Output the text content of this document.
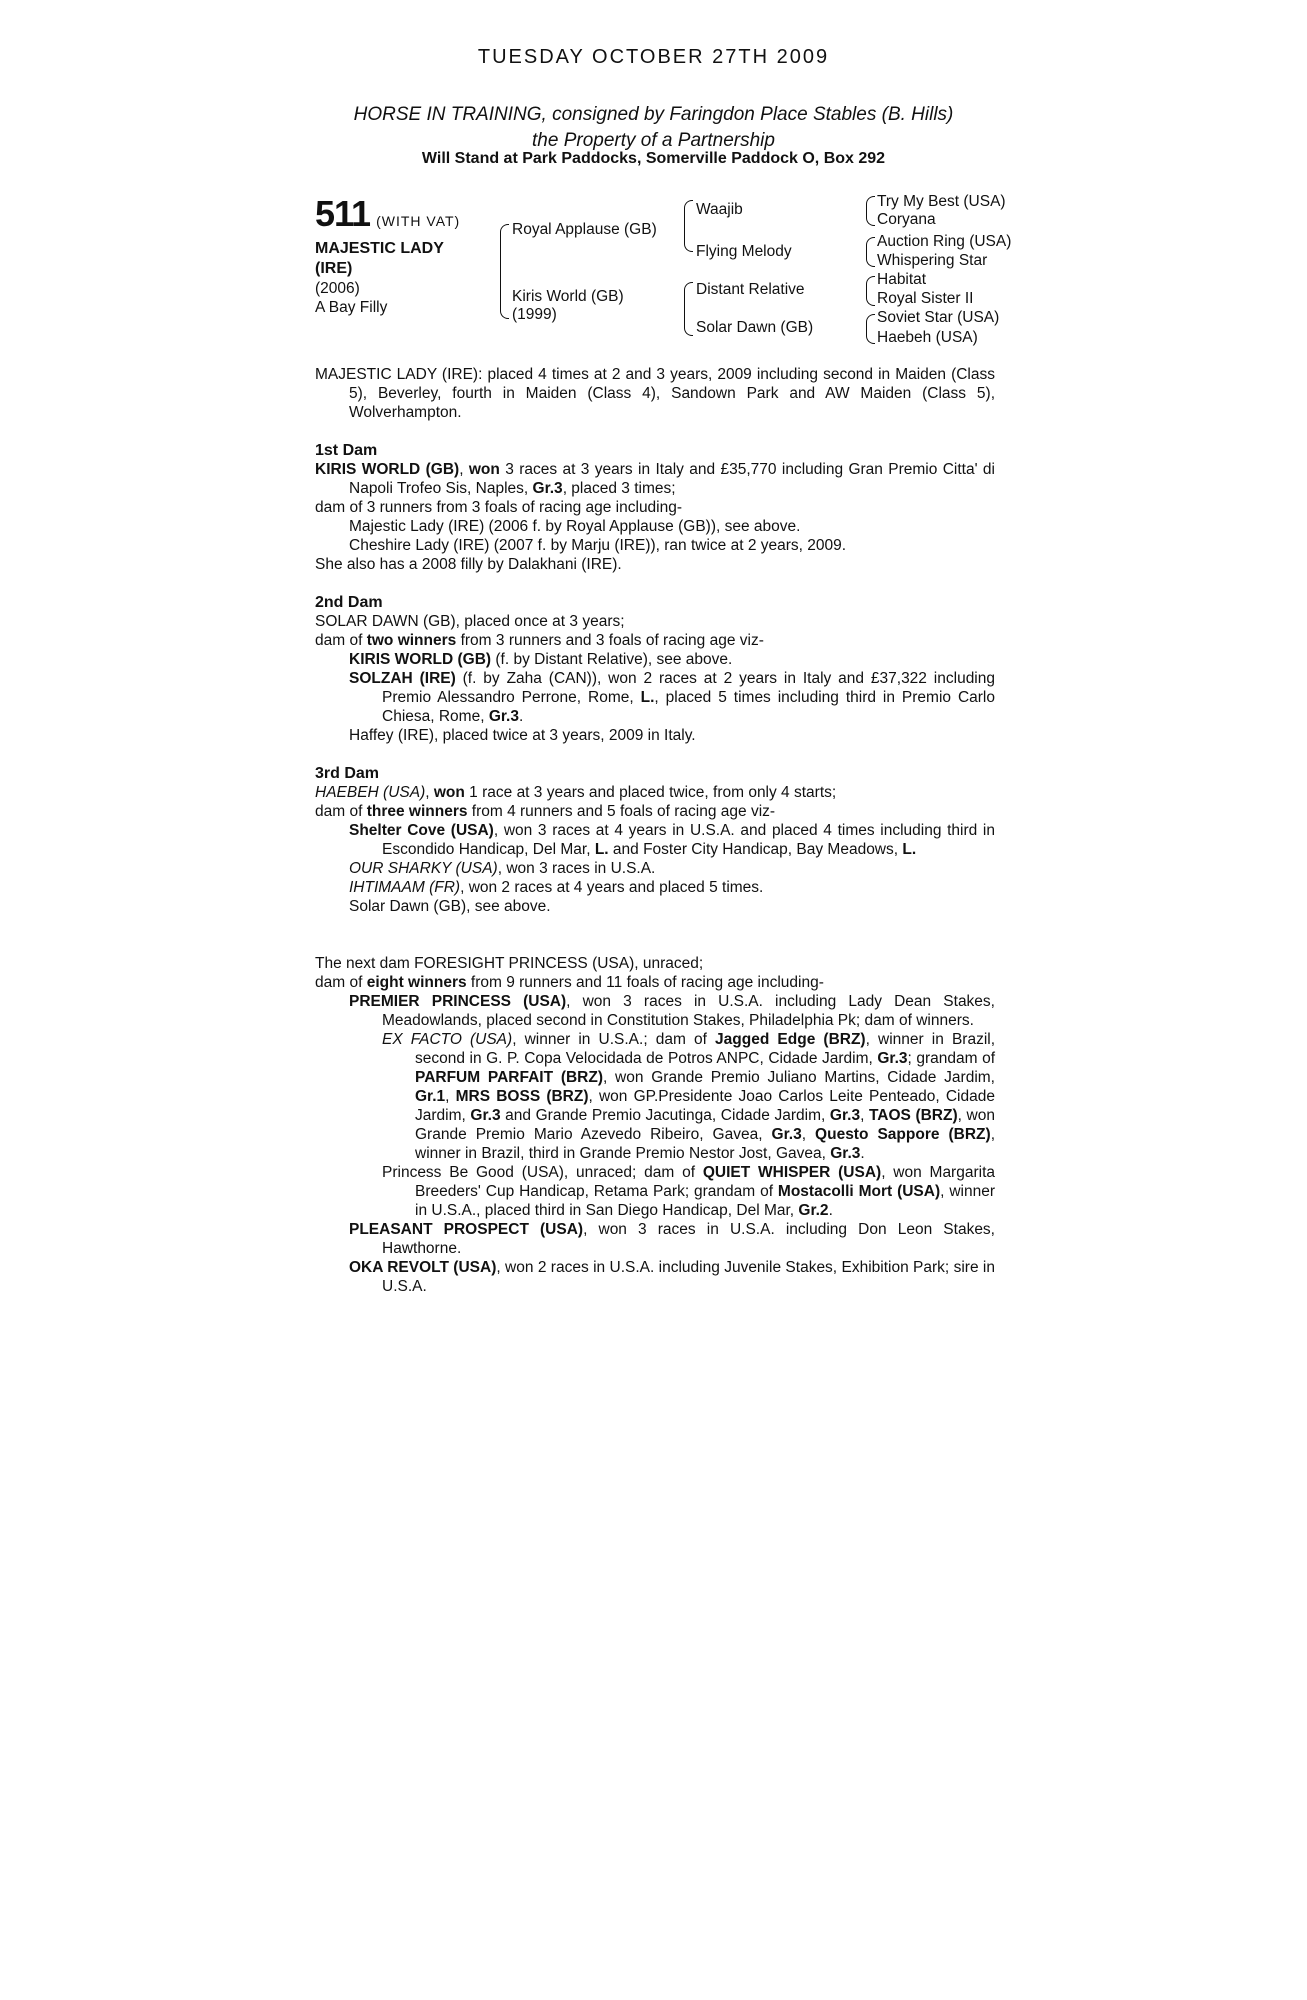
TUESDAY OCTOBER 27TH 2009
HORSE IN TRAINING, consigned by Faringdon Place Stables (B. Hills)
the Property of a Partnership
Will Stand at Park Paddocks, Somerville Paddock O, Box 292
511 (WITH VAT)
MAJESTIC LADY
(IRE)
(2006)
A Bay Filly
Royal Applause (GB)
Kiris World (GB)
(1999)
Waajib
Flying Melody
Distant Relative
Solar Dawn (GB)
Try My Best (USA)
Coryana
Auction Ring (USA)
Whispering Star
Habitat
Royal Sister II
Soviet Star (USA)
Haebeh (USA)

MAJESTIC LADY (IRE): placed 4 times at 2 and 3 years, 2009 including second in Maiden (Class 5), Beverley, fourth in Maiden (Class 4), Sandown Park and AW Maiden (Class 5), Wolverhampton.

1st Dam

KIRIS WORLD (GB), won 3 races at 3 years in Italy and £35,770 including Gran Premio Citta' di Napoli Trofeo Sis, Naples, Gr.3, placed 3 times;

dam of 3 runners from 3 foals of racing age including-

Majestic Lady (IRE) (2006 f. by Royal Applause (GB)), see above.

Cheshire Lady (IRE) (2007 f. by Marju (IRE)), ran twice at 2 years, 2009.

She also has a 2008 filly by Dalakhani (IRE).

2nd Dam

SOLAR DAWN (GB), placed once at 3 years;

dam of two winners from 3 runners and 3 foals of racing age viz-

KIRIS WORLD (GB) (f. by Distant Relative), see above.

SOLZAH (IRE) (f. by Zaha (CAN)), won 2 races at 2 years in Italy and £37,322 including Premio Alessandro Perrone, Rome, L., placed 5 times including third in Premio Carlo Chiesa, Rome, Gr.3.

Haffey (IRE), placed twice at 3 years, 2009 in Italy.

3rd Dam

HAEBEH (USA), won 1 race at 3 years and placed twice, from only 4 starts;

dam of three winners from 4 runners and 5 foals of racing age viz-

Shelter Cove (USA), won 3 races at 4 years in U.S.A. and placed 4 times including third in Escondido Handicap, Del Mar, L. and Foster City Handicap, Bay Meadows, L.

OUR SHARKY (USA), won 3 races in U.S.A.

IHTIMAAM (FR), won 2 races at 4 years and placed 5 times.

Solar Dawn (GB), see above.

The next dam FORESIGHT PRINCESS (USA), unraced;

dam of eight winners from 9 runners and 11 foals of racing age including-

PREMIER PRINCESS (USA), won 3 races in U.S.A. including Lady Dean Stakes, Meadowlands, placed second in Constitution Stakes, Philadelphia Pk; dam of winners.

EX FACTO (USA), winner in U.S.A.; dam of Jagged Edge (BRZ), winner in Brazil, second in G. P. Copa Velocidada de Potros ANPC, Cidade Jardim, Gr.3; grandam of PARFUM PARFAIT (BRZ), won Grande Premio Juliano Martins, Cidade Jardim, Gr.1, MRS BOSS (BRZ), won GP.Presidente Joao Carlos Leite Penteado, Cidade Jardim, Gr.3 and Grande Premio Jacutinga, Cidade Jardim, Gr.3, TAOS (BRZ), won Grande Premio Mario Azevedo Ribeiro, Gavea, Gr.3, Questo Sappore (BRZ), winner in Brazil, third in Grande Premio Nestor Jost, Gavea, Gr.3.

Princess Be Good (USA), unraced; dam of QUIET WHISPER (USA), won Margarita Breeders' Cup Handicap, Retama Park; grandam of Mostacolli Mort (USA), winner in U.S.A., placed third in San Diego Handicap, Del Mar, Gr.2.

PLEASANT PROSPECT (USA), won 3 races in U.S.A. including Don Leon Stakes, Hawthorne.

OKA REVOLT (USA), won 2 races in U.S.A. including Juvenile Stakes, Exhibition Park; sire in U.S.A.
